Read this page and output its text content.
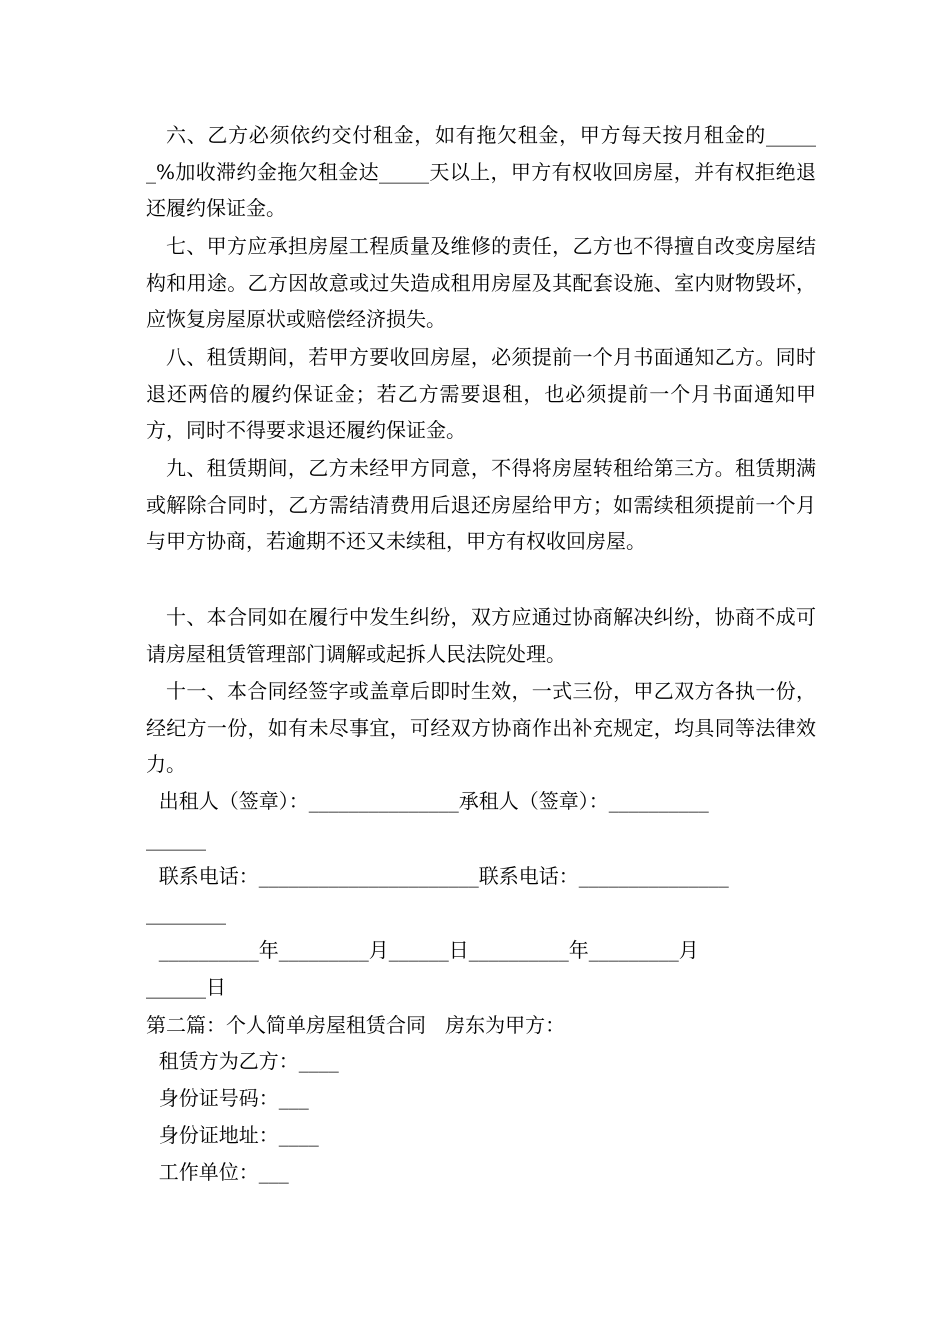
六、乙方必须依约交付租金，如有拖欠租金，甲方每天按月租金的______%加收滞约金拖欠租金达_____天以上，甲方有权收回房屋，并有权拒绝退还履约保证金。
七、甲方应承担房屋工程质量及维修的责任，乙方也不得擅自改变房屋结构和用途。乙方因故意或过失造成租用房屋及其配套设施、室内财物毁坏，应恢复房屋原状或赔偿经济损失。
八、租赁期间，若甲方要收回房屋，必须提前一个月书面通知乙方。同时退还两倍的履约保证金；若乙方需要退租，也必须提前一个月书面通知甲方，同时不得要求退还履约保证金。
九、租赁期间，乙方未经甲方同意，不得将房屋转租给第三方。租赁期满或解除合同时，乙方需结清费用后退还房屋给甲方；如需续租须提前一个月与甲方协商，若逾期不还又未续租，甲方有权收回房屋。
十、本合同如在履行中发生纠纷，双方应通过协商解决纠纷，协商不成可请房屋租赁管理部门调解或起拆人民法院处理。
十一、本合同经签字或盖章后即时生效，一式三份，甲乙双方各执一份，经纪方一份，如有未尽事宜，可经双方协商作出补充规定，均具同等法律效力。
出租人（签章）：_______________承租人（签章）：__________
______
联系电话：______________________联系电话：_______________
________
__________年_________月______日__________年_________月
______日
第二篇：个人简单房屋租赁合同   房东为甲方：
租赁方为乙方：____
身份证号码：___
身份证地址：____
工作单位：___
